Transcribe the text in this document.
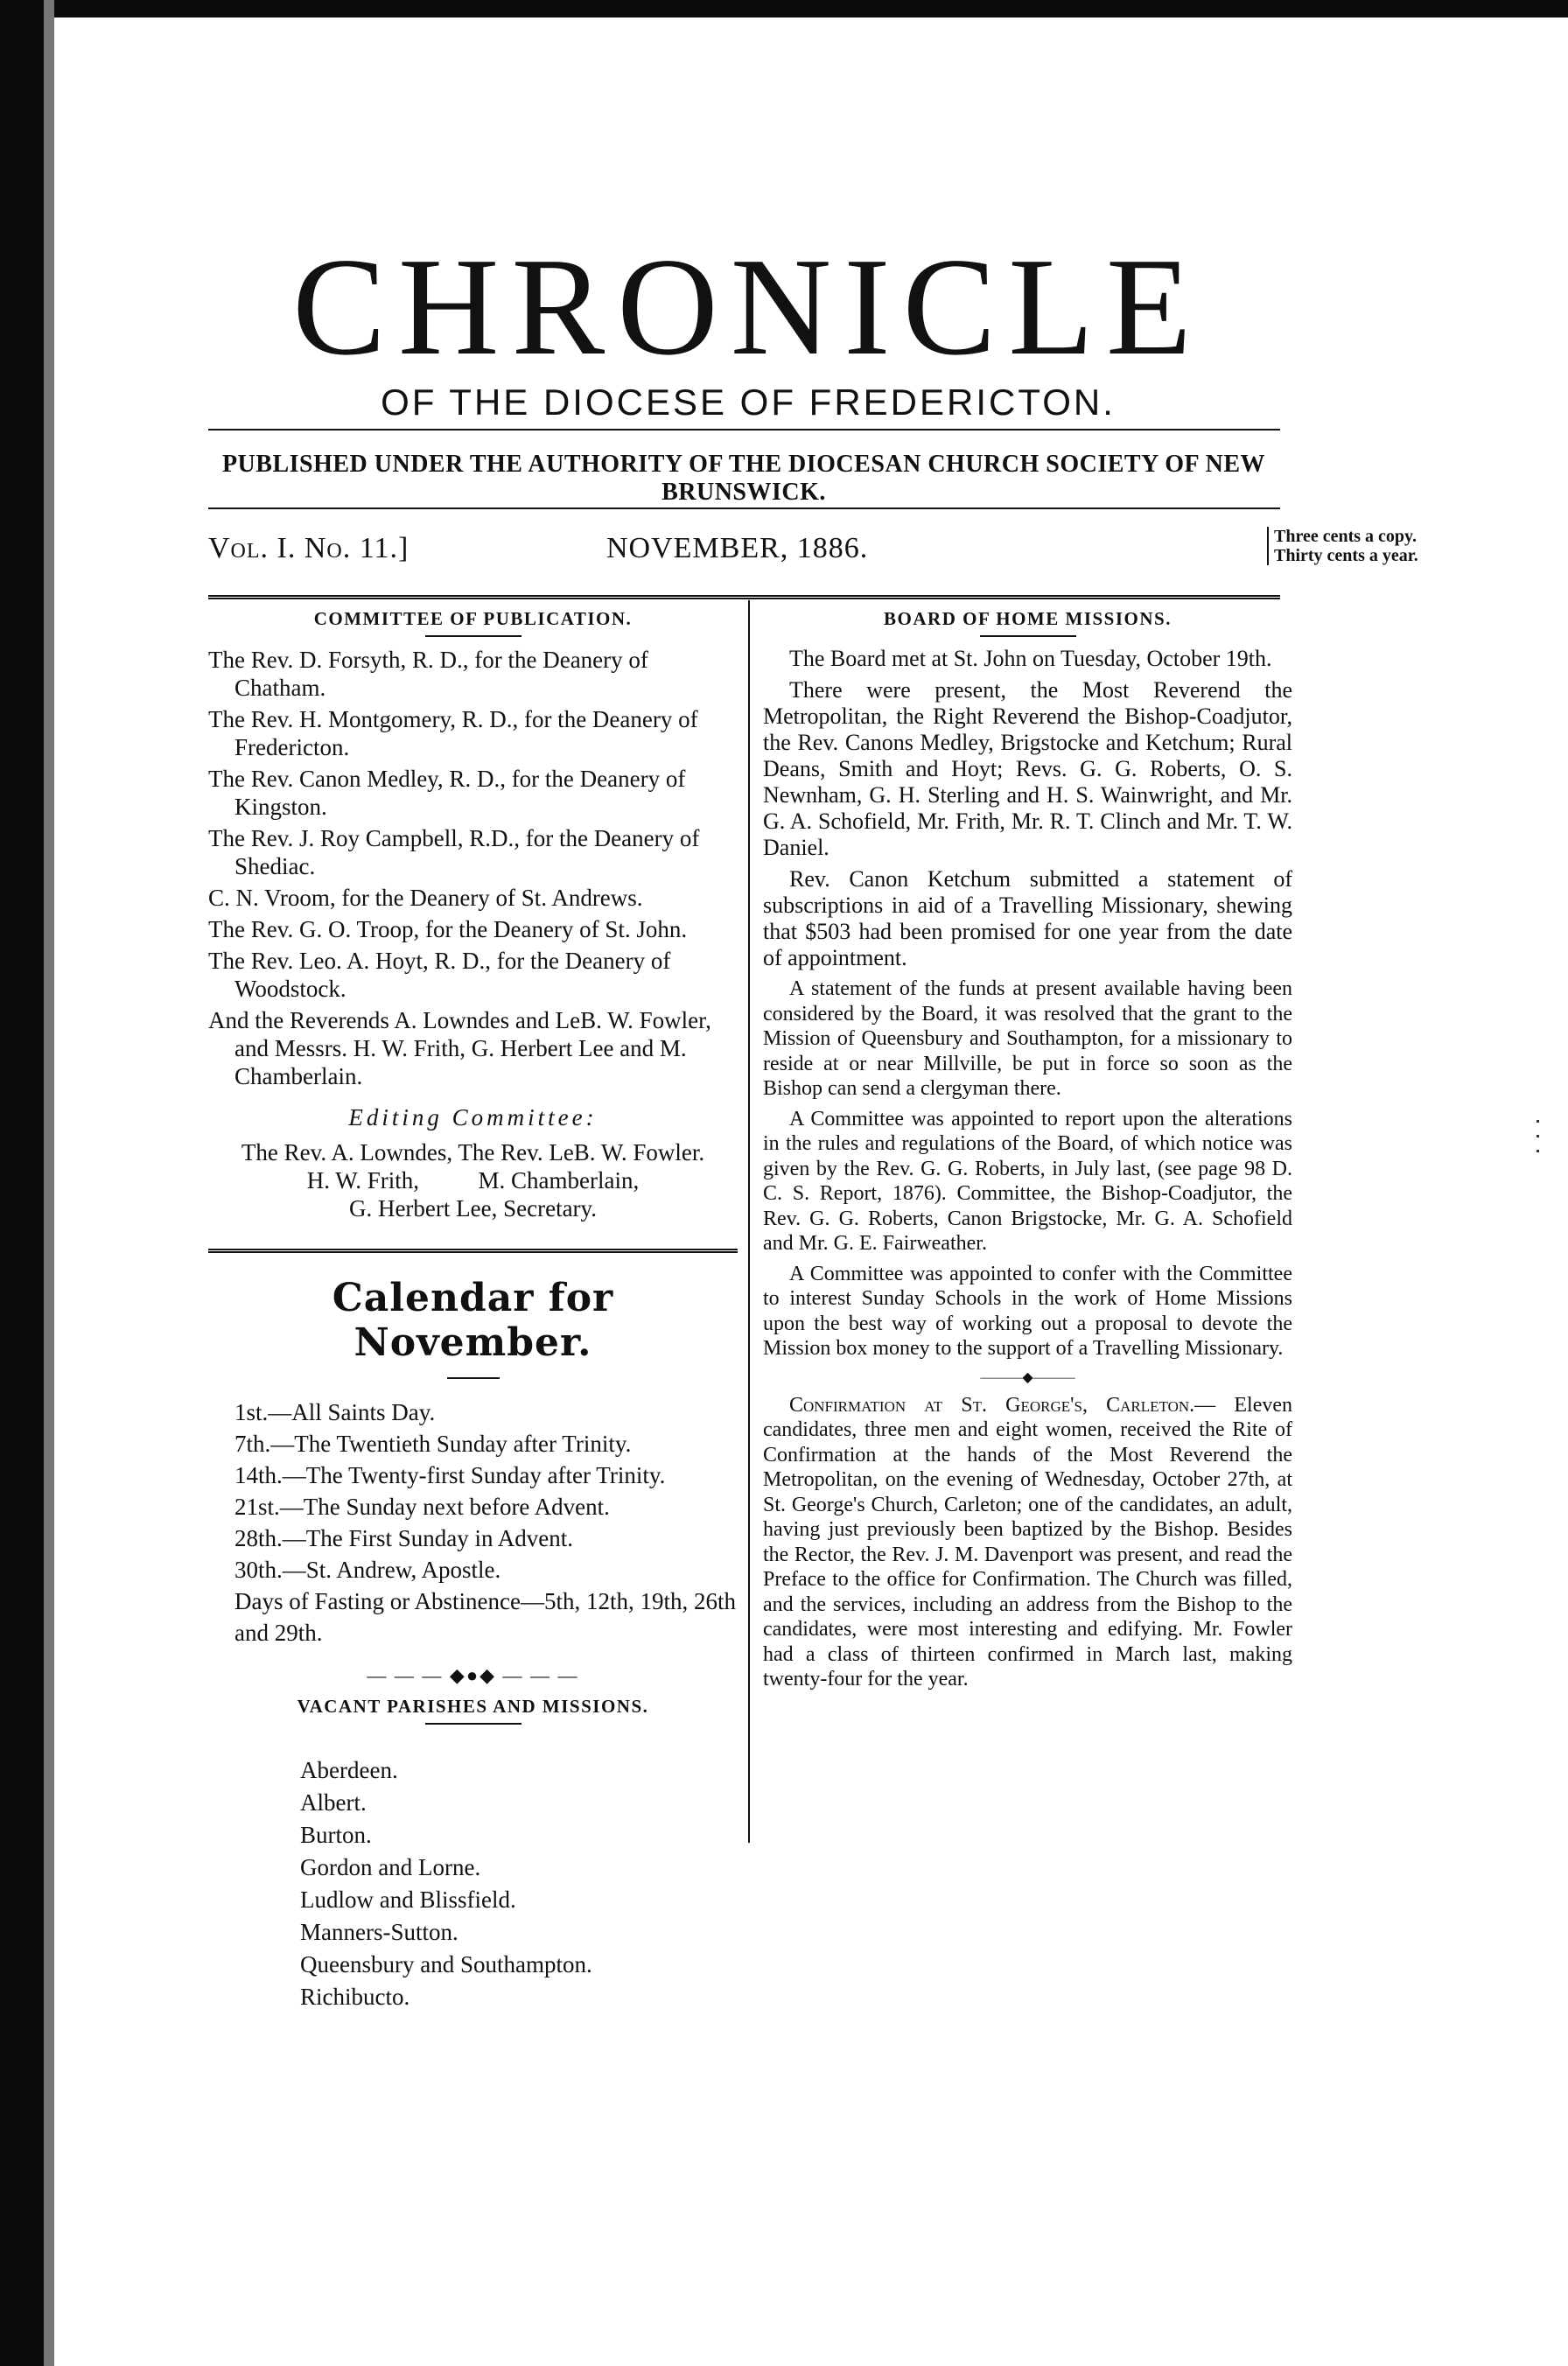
CHRONICLE
OF THE DIOCESE OF FREDERICTON.
PUBLISHED UNDER THE AUTHORITY OF THE DIOCESAN CHURCH SOCIETY OF NEW BRUNSWICK.
Vol. I. No. 11.]	NOVEMBER, 1886.	Three cents a copy.
Thirty cents a year.
COMMITTEE OF PUBLICATION.
The Rev. D. Forsyth, R. D., for the Deanery of Chatham.
The Rev. H. Montgomery, R. D., for the Deanery of Fredericton.
The Rev. Canon Medley, R. D., for the Deanery of Kingston.
The Rev. J. Roy Campbell, R.D., for the Deanery of Shediac.
C. N. Vroom, for the Deanery of St. Andrews.
The Rev. G. O. Troop, for the Deanery of St. John.
The Rev. Leo. A. Hoyt, R. D., for the Deanery of Woodstock.
And the Reverends A. Lowndes and LeB. W. Fowler, and Messrs. H. W. Frith, G. Herbert Lee and M. Chamberlain.
Editing Committee:
The Rev. A. Lowndes, The Rev. LeB. W. Fowler.
H. W. Frith,          M. Chamberlain,
G. Herbert Lee, Secretary.
Calendar for November.
1st.—All Saints Day.
7th.—The Twentieth Sunday after Trinity.
14th.—The Twenty-first Sunday after Trinity.
21st.—The Sunday next before Advent.
28th.—The First Sunday in Advent.
30th.—St. Andrew, Apostle.
Days of Fasting or Abstinence—5th, 12th, 19th, 26th and 29th.
— — — ◆●◆ — — —
VACANT PARISHES AND MISSIONS.
Aberdeen.
Albert.
Burton.
Gordon and Lorne.
Ludlow and Blissfield.
Manners-Sutton.
Queensbury and Southampton.
Richibucto.
BOARD OF HOME MISSIONS.

The Board met at St. John on Tuesday, October 19th.

There were present, the Most Reverend the Metropolitan, the Right Reverend the Bishop-Coadjutor, the Rev. Canons Medley, Brigstocke and Ketchum; Rural Deans, Smith and Hoyt; Revs. G. G. Roberts, O. S. Newnham, G. H. Sterling and H. S. Wainwright, and Mr. G. A. Schofield, Mr. Frith, Mr. R. T. Clinch and Mr. T. W. Daniel.

Rev. Canon Ketchum submitted a statement of subscriptions in aid of a Travelling Missionary, shewing that $503 had been promised for one year from the date of appointment.

A statement of the funds at present available having been considered by the Board, it was resolved that the grant to the Mission of Queensbury and Southampton, for a missionary to reside at or near Millville, be put in force so soon as the Bishop can send a clergyman there.

A Committee was appointed to report upon the alterations in the rules and regulations of the Board, of which notice was given by the Rev. G. G. Roberts, in July last, (see page 98 D. C. S. Report, 1876). Committee, the Bishop-Coadjutor, the Rev. G. G. Roberts, Canon Brigstocke, Mr. G. A. Schofield and Mr. G. E. Fairweather.

A Committee was appointed to confer with the Committee to interest Sunday Schools in the work of Home Missions upon the best way of working out a proposal to devote the Mission box money to the support of a Travelling Missionary.

———◆———

Confirmation at St. George's, Carleton.— Eleven candidates, three men and eight women, received the Rite of Confirmation at the hands of the Most Reverend the Metropolitan, on the evening of Wednesday, October 27th, at St. George's Church, Carleton; one of the candidates, an adult, having just previously been baptized by the Bishop. Besides the Rector, the Rev. J. M. Davenport was present, and read the Preface to the office for Confirmation. The Church was filled, and the services, including an address from the Bishop to the candidates, were most interesting and edifying. Mr. Fowler had a class of thirteen confirmed in March last, making twenty-four for the year.
